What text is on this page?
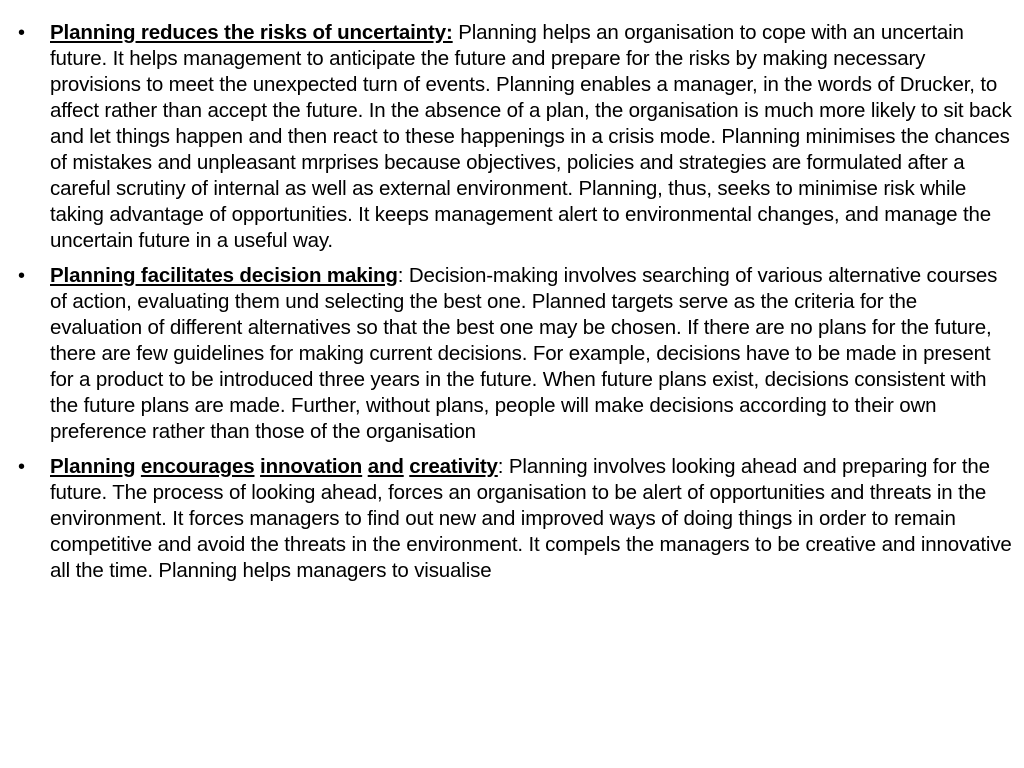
• Planning reduces the risks of uncertainty: Planning helps an organisation to cope with an uncertain future. It helps management to anticipate the future and prepare for the risks by making necessary provisions to meet the unexpected turn of events. Planning enables a manager, in the words of Drucker, to affect rather than accept the future. In the absence of a plan, the organisation is much more likely to sit back and let things happen and then react to these happenings in a crisis mode. Planning minimises the chances of mistakes and unpleasant mrprises because objectives, policies and strategies are formulated after a careful scrutiny of internal as well as external environment. Planning, thus, seeks to minimise risk while taking advantage of opportunities. It keeps management alert to environmental changes, and manage the uncertain future in a useful way.
• Planning facilitates decision making: Decision-making involves searching of various alternative courses of action, evaluating them und selecting the best one. Planned targets serve as the criteria for the evaluation of different alternatives so that the best one may be chosen. If there are no plans for the future, there are few guidelines for making current decisions. For example, decisions have to be made in present for a product to be introduced three years in the future. When future plans exist, decisions consistent with the future plans are made. Further, without plans, people will make decisions according to their own preference rather than those of the organisation
• Planning encourages innovation and creativity: Planning involves looking ahead and preparing for the future. The process of looking ahead, forces an organisation to be alert of opportunities and threats in the environment. It forces managers to find out new and improved ways of doing things in order to remain competitive and avoid the threats in the environment. It compels the managers to be creative and innovative all the time. Planning helps managers to visualise
